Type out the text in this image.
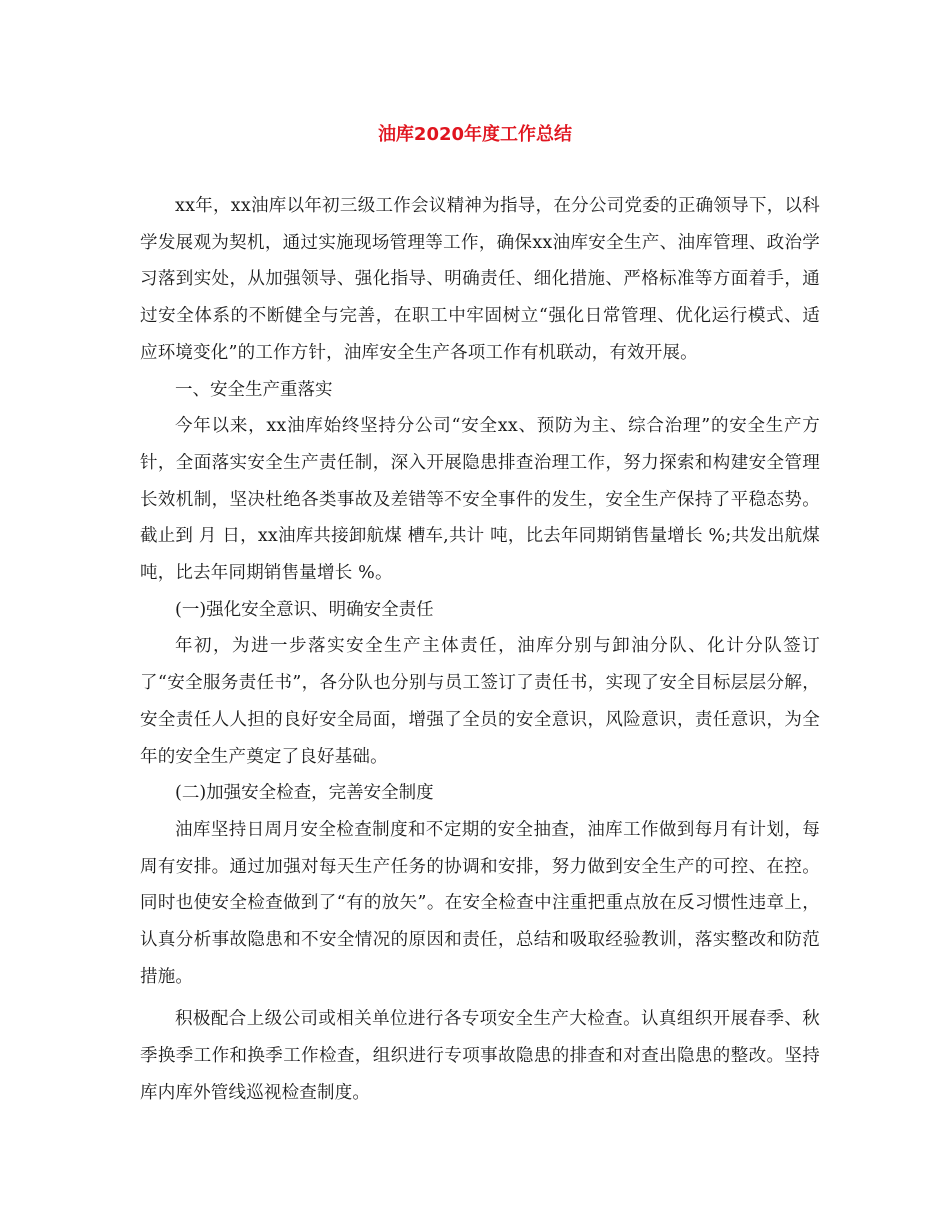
油库2020年度工作总结

xx年，xx油库以年初三级工作会议精神为指导，在分公司党委的正确领导下，以科学发展观为契机，通过实施现场管理等工作，确保xx油库安全生产、油库管理、政治学习落到实处，从加强领导、强化指导、明确责任、细化措施、严格标准等方面着手，通过安全体系的不断健全与完善，在职工中牢固树立“强化日常管理、优化运行模式、适应环境变化”的工作方针，油库安全生产各项工作有机联动，有效开展。

一、安全生产重落实

今年以来，xx油库始终坚持分公司“安全xx、预防为主、综合治理”的安全生产方针，全面落实安全生产责任制，深入开展隐患排查治理工作，努力探索和构建安全管理长效机制，坚决杜绝各类事故及差错等不安全事件的发生，安全生产保持了平稳态势。截止到 月 日，xx油库共接卸航煤 槽车,共计 吨，比去年同期销售量增长 %;共发出航煤吨，比去年同期销售量增长 %。

(一)强化安全意识、明确安全责任

年初，为进一步落实安全生产主体责任，油库分别与卸油分队、化计分队签订了“安全服务责任书”，各分队也分别与员工签订了责任书，实现了安全目标层层分解，安全责任人人担的良好安全局面，增强了全员的安全意识，风险意识，责任意识，为全年的安全生产奠定了良好基础。

(二)加强安全检查，完善安全制度

油库坚持日周月安全检查制度和不定期的安全抽查，油库工作做到每月有计划，每周有安排。通过加强对每天生产任务的协调和安排，努力做到安全生产的可控、在控。同时也使安全检查做到了“有的放矢”。在安全检查中注重把重点放在反习惯性违章上，认真分析事故隐患和不安全情况的原因和责任，总结和吸取经验教训，落实整改和防范措施。

积极配合上级公司或相关单位进行各专项安全生产大检查。认真组织开展春季、秋季换季工作和换季工作检查，组织进行专项事故隐患的排查和对查出隐患的整改。坚持库内库外管线巡视检查制度。
